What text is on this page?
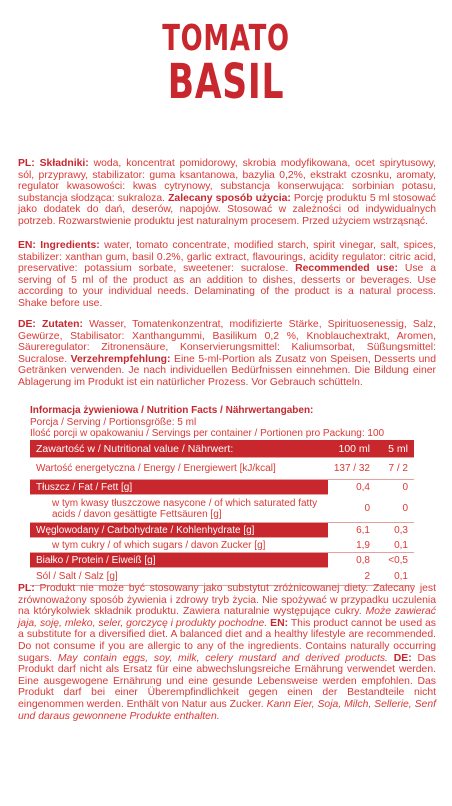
TOMATO
BASIL
PL: Składniki: woda, koncentrat pomidorowy, skrobia modyfikowana, ocet spirytusowy, sól, przyprawy, stabilizator: guma ksantanowa, bazylia 0,2%, ekstrakt czosnku, aromaty, regulator kwasowości: kwas cytrynowy, substancja konserwująca: sorbinian potasu, substancja słodząca: sukraloza. Zalecany sposób użycia: Porcję produktu 5 ml stosować jako dodatek do dań, deserów, napojów. Stosować w zależności od indywidualnych potrzeb. Rozwarstwienie produktu jest naturalnym procesem. Przed użyciem wstrząsnąć.
EN: Ingredients: water, tomato concentrate, modified starch, spirit vinegar, salt, spices, stabilizer: xanthan gum, basil 0.2%, garlic extract, flavourings, acidity regulator: citric acid, preservative: potassium sorbate, sweetener: sucralose. Recommended use: Use a serving of 5 ml of the product as an addition to dishes, desserts or beverages. Use according to your individual needs. Delaminating of the product is a natural process. Shake before use.
DE: Zutaten: Wasser, Tomatenkonzentrat, modifizierte Stärke, Spirituosenessig, Salz, Gewürze, Stabilisator: Xanthangummi, Basilikum 0,2 %, Knoblauchextrakt, Aromen, Säureregulator: Zitronensäure, Konservierungsmittel: Kaliumsorbat, Süßungsmittel: Sucralose. Verzehrempfehlung: Eine 5-ml-Portion als Zusatz von Speisen, Desserts und Getränken verwenden. Je nach individuellen Bedürfnissen einnehmen. Die Bildung einer Ablagerung im Produkt ist ein natürlicher Prozess. Vor Gebrauch schütteln.
Informacja żywieniowa / Nutrition Facts / Nährwertangaben:
Porcja / Serving / Portionsgröße: 5 ml
Ilość porcji w opakowaniu / Servings per container / Portionen pro Packung: 100
Zawartość w / Nutritional value / Nährwert:	100 ml	5 ml
Wartość energetyczna / Energy / Energiewert [kJ/kcal]	137 / 32	7 / 2
Tłuszcz / Fat / Fett [g]	0,4	0
w tym kwasy tłuszczowe nasycone / of which saturated fatty acids / davon gesättigte Fettsäuren [g]	0	0
Węglowodany / Carbohydrate / Kohlenhydrate [g]	6,1	0,3
w tym cukry / of which sugars / davon Zucker [g]	1,9	0,1
Białko / Protein / Eiweiß [g]	0,8	<0,5
Sól / Salt / Salz [g]	2	0,1
PL: Produkt nie może być stosowany jako substytut zróżnicowanej diety. Zalecany jest zrównoważony sposób żywienia i zdrowy tryb życia. Nie spożywać w przypadku uczulenia na którykolwiek składnik produktu. Zawiera naturalnie występujące cukry. Może zawierać jaja, soję, mleko, seler, gorczycę i produkty pochodne. EN: This product cannot be used as a substitute for a diversified diet. A balanced diet and a healthy lifestyle are recommended. Do not consume if you are allergic to any of the ingredients. Contains naturally occurring sugars. May contain eggs, soy, milk, celery mustard and derived products. DE: Das Produkt darf nicht als Ersatz für eine abwechslungsreiche Ernährung verwendet werden. Eine ausgewogene Ernährung und eine gesunde Lebensweise werden empfohlen. Das Produkt darf bei einer Überempfindlichkeit gegen einen der Bestandteile nicht eingenommen werden. Enthält von Natur aus Zucker. Kann Eier, Soja, Milch, Sellerie, Senf und daraus gewonnene Produkte enthalten.
